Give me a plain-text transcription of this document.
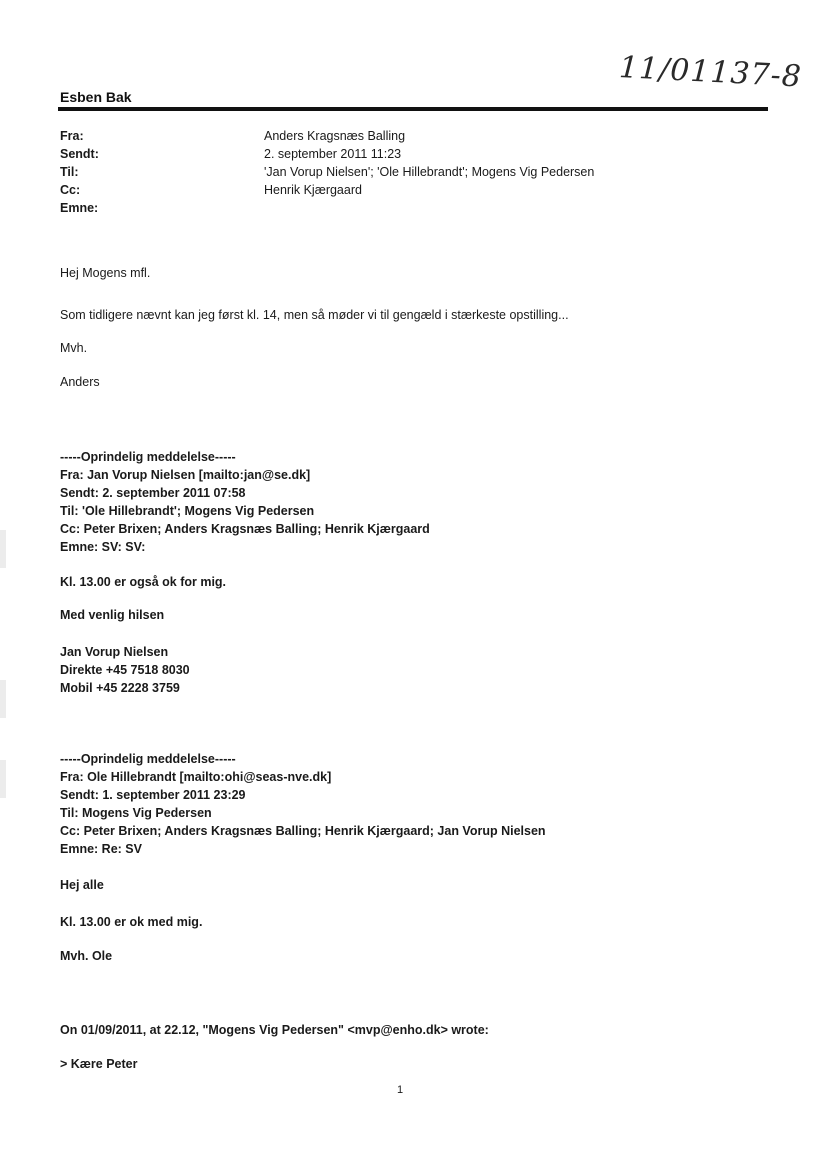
11/01137-8
Esben Bak
Fra:	Anders Kragsnæs Balling
Sendt:	2. september 2011 11:23
Til:	'Jan Vorup Nielsen'; 'Ole Hillebrandt'; Mogens Vig Pedersen
Cc:	Henrik Kjærgaard
Emne:
Hej Mogens mfl.
Som tidligere nævnt kan jeg først kl. 14, men så møder vi til gengæld i stærkeste opstilling...
Mvh.
Anders
-----Oprindelig meddelelse-----
Fra: Jan Vorup Nielsen [mailto:jan@se.dk]
Sendt: 2. september 2011 07:58
Til: 'Ole Hillebrandt'; Mogens Vig Pedersen
Cc: Peter Brixen; Anders Kragsnæs Balling; Henrik Kjærgaard
Emne: SV: SV:
Kl. 13.00 er også ok for mig.
Med venlig hilsen
Jan Vorup Nielsen
Direkte +45 7518 8030
Mobil +45 2228 3759
-----Oprindelig meddelelse-----
Fra: Ole Hillebrandt [mailto:ohi@seas-nve.dk]
Sendt: 1. september 2011 23:29
Til: Mogens Vig Pedersen
Cc: Peter Brixen; Anders Kragsnæs Balling; Henrik Kjærgaard; Jan Vorup Nielsen
Emne: Re: SV
Hej alle
Kl. 13.00 er ok med mig.
Mvh. Ole
On 01/09/2011, at 22.12, "Mogens Vig Pedersen" <mvp@enho.dk> wrote:
> Kære Peter
1
